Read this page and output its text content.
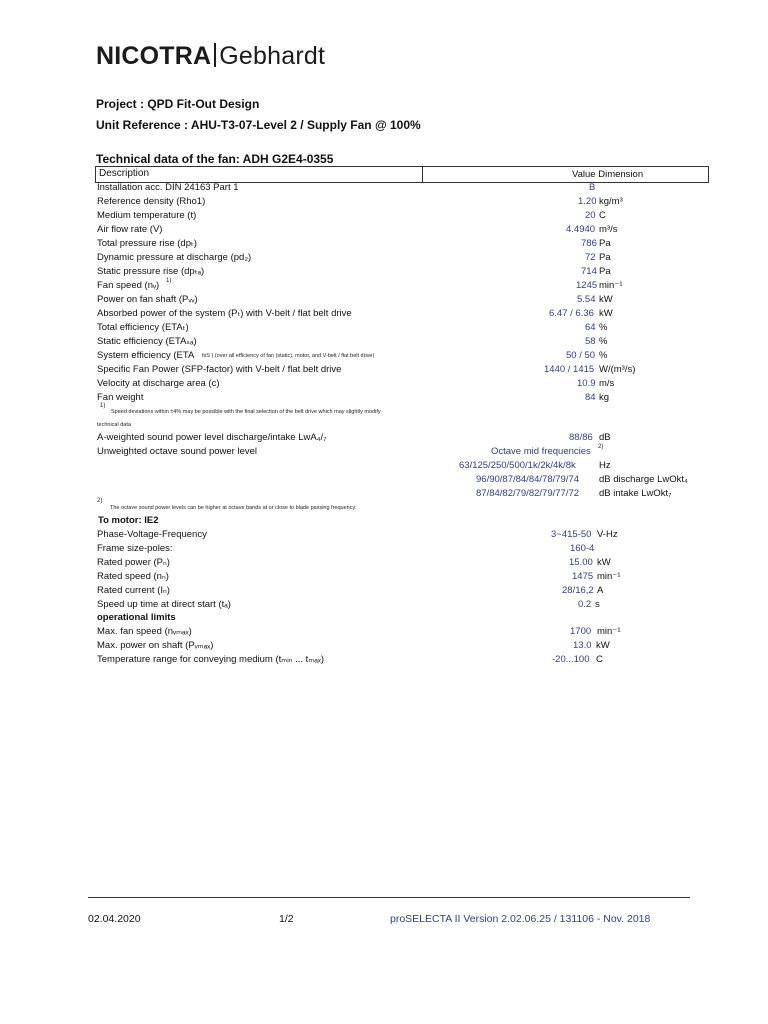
NICOTRA Gebhardt
Project : QPD Fit-Out Design
Unit Reference : AHU-T3-07-Level 2 / Supply Fan @ 100%
Technical data of the fan: ADH G2E4-0355
Description	Value Dimension
Installation acc. DIN 24163 Part 1	B
Reference density (Rho1)	1.20 kg/m³
Medium temperature (t)	20 C
Air flow rate (V)	4.4940 m³/s
Total pressure rise (dpₜ)	786 Pa
Dynamic pressure at discharge (pd₂)	72 Pa
Static pressure rise (dpₜₐ)	714 Pa
Fan speed (nᵥ) 1)	1245 min⁻¹
Power on fan shaft (Pᵥᵥ)	5.54 kW
Absorbed power of the system (Pₜ) with V-belt / flat belt drive	6.47 / 6.36 kW
Total efficiency (ETAₜ)	64 %
Static efficiency (ETAₛₐ)	58 %
System efficiency (ETA fsS ) (over all efficiency of fan (static), motor, and V-belt / flat belt drive)	50 / 50 %
Specific Fan Power (SFP-factor) with V-belt / flat belt drive	1440 / 1415 W/(m³/s)
Velocity at discharge area (c)	10.9 m/s
Fan weight	84 kg
1)
Speed deviations within ±4% may be possible with the final selection of the belt drive which may slightly modify
technical data
A-weighted sound power level discharge/intake LwA₄/₇	88/86 dB
Unweighted octave sound power level	Octave mid frequencies 2)
63/125/250/500/1k/2k/4k/8k Hz
96/90/87/84/84/78/79/74 dB discharge LwOkt₄
87/84/82/79/82/79/77/72 dB intake LwOkt₇
2)
The octave sound power levels can be higher at octave bands at or close to blade passing frequency.
To motor: IE2
Phase-Voltage-Frequency	3~415-50 V-Hz
Frame size-poles:	160-4
Rated power (Pₙ)	15.00 kW
Rated speed (nₙ)	1475 min⁻¹
Rated current (Iₙ)	28/16,2 A
Speed up time at direct start (tₐ)	0.2 s
operational limits
Max. fan speed (nᵥₘₐₓ)	1700 min⁻¹
Max. power on shaft (Pᵥₘₐₓ)	13.0 kW
Temperature range for conveying medium (tₘᵢₙ ... tₘₐₓ)	-20...100 C
02.04.2020	1/2	proSELECTA II Version 2.02.06.25 / 131106 - Nov. 2018
